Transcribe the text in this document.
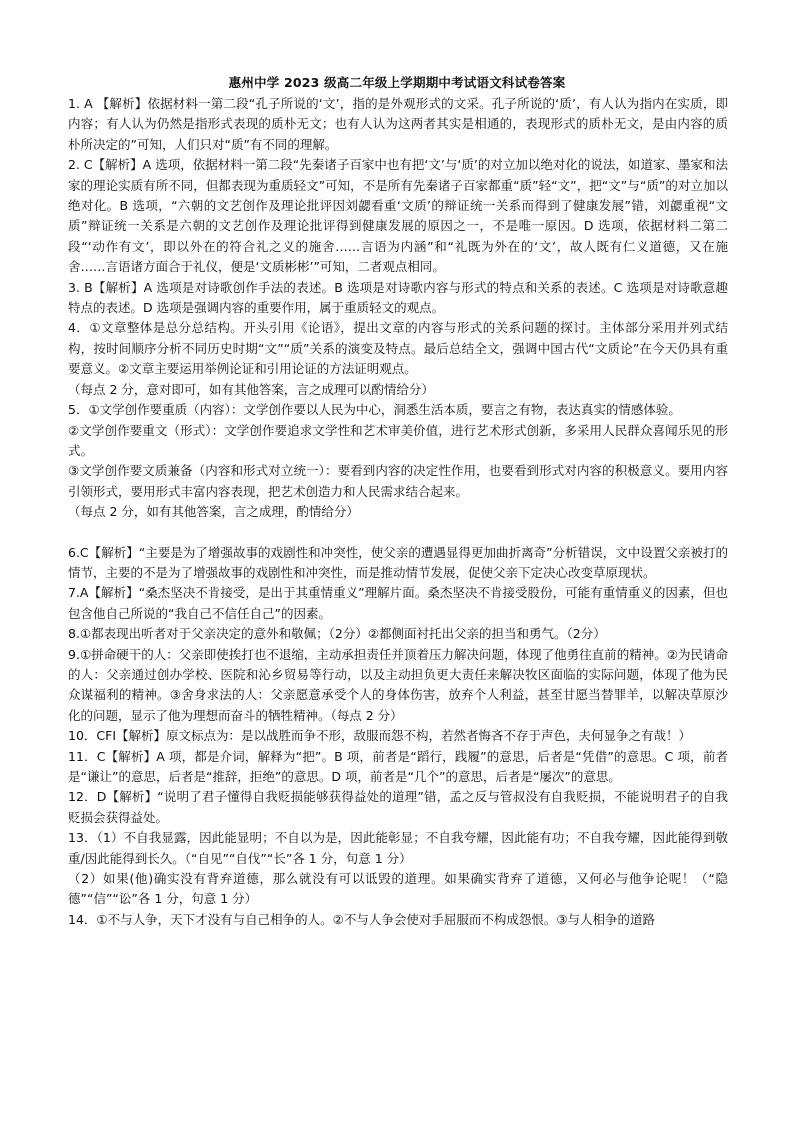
惠州中学 2023 级高二年级上学期期中考试语文科试卷答案

1. A 【解析】依据材料一第二段“孔子所说的‘文’，指的是外观形式的文采。孔子所说的‘质’，有人认为指内在实质，即内容；有人认为仍然是指形式表现的质朴无文；也有人认为这两者其实是相通的，表现形式的质朴无文，是由内容的质朴所决定的”可知，人们只对“质”有不同的理解。

2. C【解析】A 选项，依据材料一第二段“先秦诸子百家中也有把‘文’与‘质’的对立加以绝对化的说法，如道家、墨家和法家的理论实质有所不同，但都表现为重质轻文”可知，不是所有先秦诸子百家都重“质”轻“文”，把“文”与“质”的对立加以绝对化。B 选项，“六朝的文艺创作及理论批评因刘勰看重‘文质’的辩证统一关系而得到了健康发展”错，刘勰重视“文质”辩证统一关系是六朝的文艺创作及理论批评得到健康发展的原因之一，不是唯一原因。D 选项，依据材料二第二段“‘动作有文’，即以外在的符合礼之义的施舍……言语为内涵”和“礼既为外在的‘文’，故人既有仁义道德，又在施舍……言语诸方面合于礼仪，便是‘文质彬彬’”可知，二者观点相同。

3. B【解析】A 选项是对诗歌创作手法的表述。B 选项是对诗歌内容与形式的特点和关系的表述。C 选项是对诗歌意趣特点的表述。D 选项是强调内容的重要作用，属于重质轻文的观点。

4．①文章整体是总分总结构。开头引用《论语》，提出文章的内容与形式的关系问题的探讨。主体部分采用并列式结构，按时间顺序分析不同历史时期“文”“质”关系的演变及特点。最后总结全文，强调中国古代“文质论”在今天仍具有重要意义。②文章主要运用举例论证和引用论证的方法证明观点。

（每点 2 分，意对即可，如有其他答案，言之成理可以酌情给分）

5．①文学创作要重质（内容）：文学创作要以人民为中心，洞悉生活本质，要言之有物，表达真实的情感体验。

②文学创作要重文（形式）：文学创作要追求文学性和艺术审美价值，进行艺术形式创新，多采用人民群众喜闻乐见的形式。

③文学创作要文质兼备（内容和形式对立统一）：要看到内容的决定性作用，也要看到形式对内容的积极意义。要用内容引领形式，要用形式丰富内容表现，把艺术创造力和人民需求结合起来。

（每点 2 分，如有其他答案，言之成理，酌情给分）

6.C【解析】“主要是为了增强故事的戏剧性和冲突性，使父亲的遭遇显得更加曲折离奇”分析错误，文中设置父亲被打的情节，主要的不是为了增强故事的戏剧性和冲突性，而是推动情节发展，促使父亲下定决心改变草原现状。

7.A【解析】“桑杰坚决不肯接受，是出于其重情重义”理解片面。桑杰坚决不肯接受股份，可能有重情重义的因素，但也包含他自己所说的“我自己不信任自己”的因素。

8.①都表现出听者对于父亲决定的意外和敬佩；（2分）②都侧面衬托出父亲的担当和勇气。（2分）

9.①拼命硬干的人：父亲即使挨打也不退缩，主动承担责任并顶着压力解决问题，体现了他勇往直前的精神。②为民请命的人：父亲通过创办学校、医院和沁乡贸易等行动，以及主动担负更大责任来解决牧区面临的实际问题，体现了他为民众谋福利的精神。③舍身求法的人：父亲愿意承受个人的身体伤害，放弃个人利益，甚至甘愿当替罪羊，以解决草原沙化的问题，显示了他为理想而奋斗的牺牲精神。（每点 2 分）

10．CFI【解析】原文标点为：是以战胜而争不形，敌服而怨不构，若然者悔吝不存于声色，夫何显争之有哉！）

11．C【解析】A 项，都是介词，解释为“把”。B 项，前者是“蹈行，践履”的意思，后者是“凭借”的意思。C 项，前者是“谦让”的意思，后者是“推辞，拒绝”的意思。D 项，前者是“几个”的意思，后者是“屡次”的意思。

12．D【解析】“说明了君子懂得自我贬损能够获得益处的道理”错，孟之反与管叔没有自我贬损，不能说明君子的自我贬损会获得益处。

13．（1）不自我显露，因此能显明；不自以为是，因此能彰显；不自我夸耀，因此能有功；不自我夸耀，因此能得到敬重/因此能得到长久。（“自见”“自伐”“长”各 1 分，句意 1 分）

（2）如果(他)确实没有背弃道德，那么就没有可以诋毁的道理。如果确实背弃了道德，又何必与他争论呢！（“隐德”“信”“讼”各 1 分，句意 1 分）

14．①不与人争，天下才没有与自己相争的人。②不与人争会使对手屈服而不构成怨恨。③与人相争的道路
